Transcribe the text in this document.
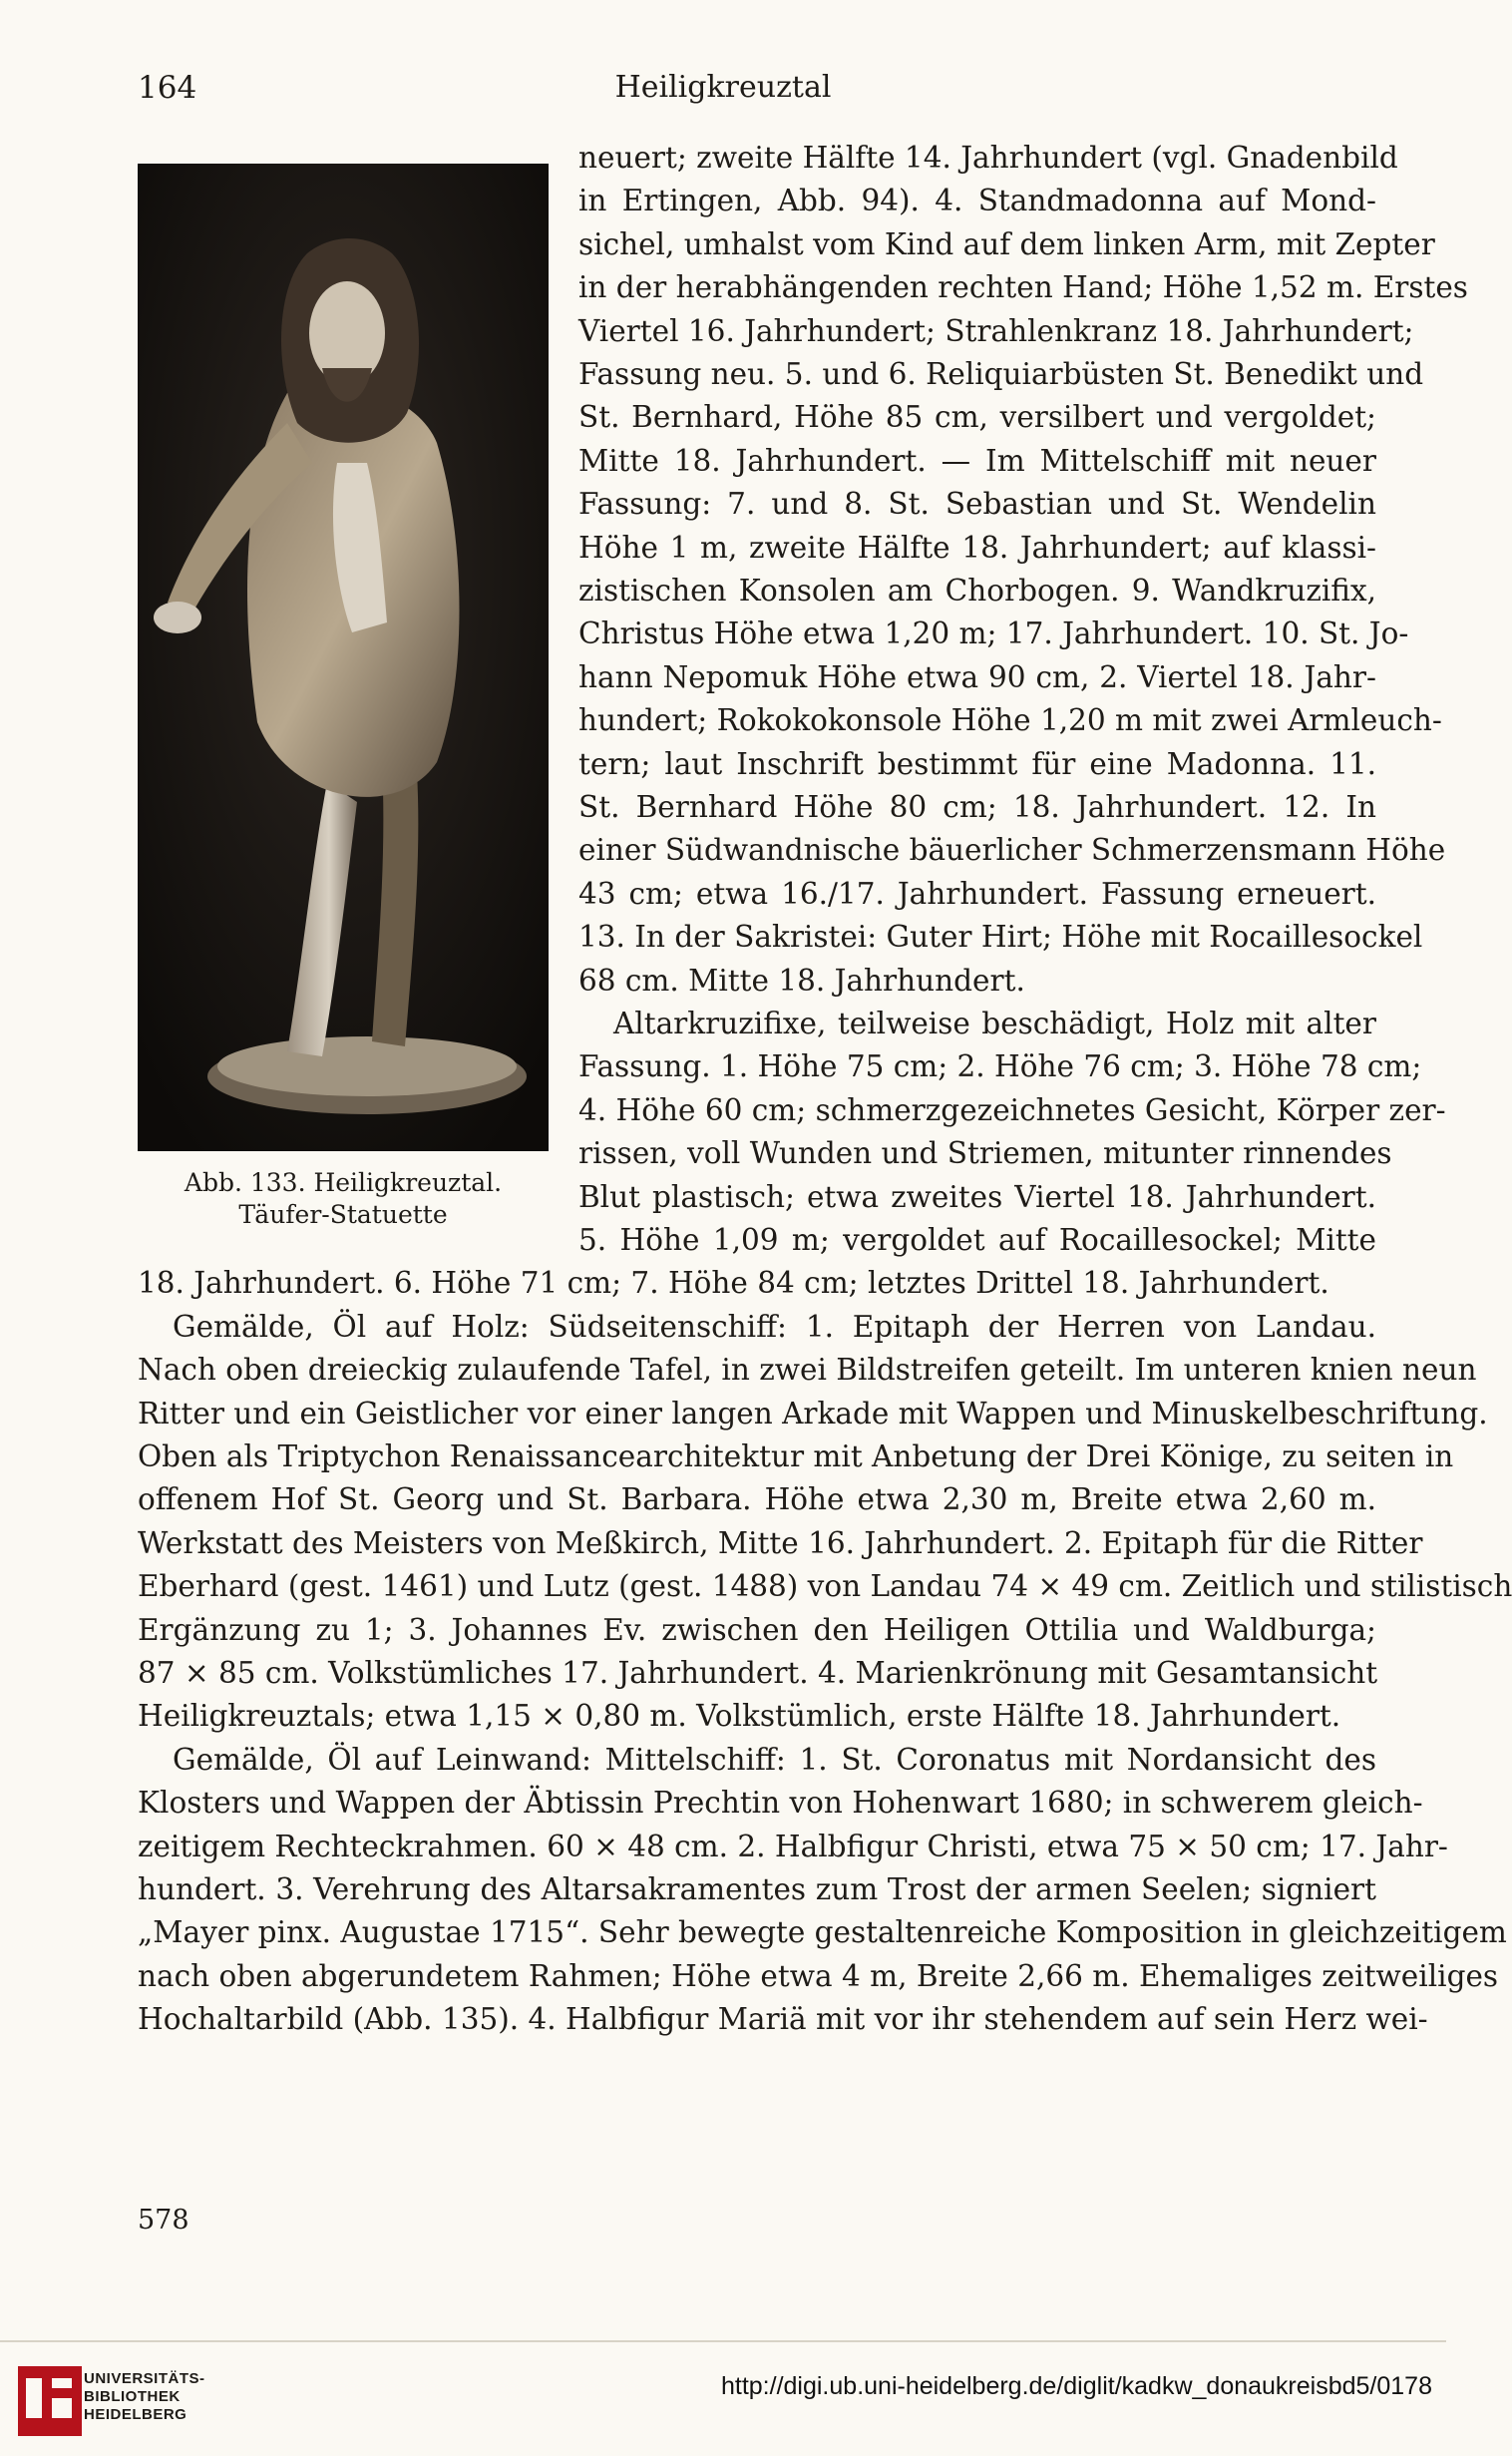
164	Heiligkreuztal
Abb. 133. Heiligkreuztal.
Täufer-Statuette
neuert; zweite Hälfte 14. Jahrhundert (vgl. Gnadenbild
in Ertingen, Abb. 94). 4. Standmadonna auf Mond-
sichel, umhalst vom Kind auf dem linken Arm, mit Zepter
in der herabhängenden rechten Hand; Höhe 1,52 m. Erstes
Viertel 16. Jahrhundert; Strahlenkranz 18. Jahrhundert;
Fassung neu. 5. und 6. Reliquiarbüsten St. Benedikt und
St. Bernhard, Höhe 85 cm, versilbert und vergoldet;
Mitte 18. Jahrhundert. — Im Mittelschiff mit neuer
Fassung: 7. und 8. St. Sebastian und St. Wendelin
Höhe 1 m, zweite Hälfte 18. Jahrhundert; auf klassi-
zistischen Konsolen am Chorbogen. 9. Wandkruzifix,
Christus Höhe etwa 1,20 m; 17. Jahrhundert. 10. St. Jo-
hann Nepomuk Höhe etwa 90 cm, 2. Viertel 18. Jahr-
hundert; Rokokokonsole Höhe 1,20 m mit zwei Armleuch-
tern; laut Inschrift bestimmt für eine Madonna. 11.
St. Bernhard Höhe 80 cm; 18. Jahrhundert. 12. In
einer Südwandnische bäuerlicher Schmerzensmann Höhe
43 cm; etwa 16./17. Jahrhundert. Fassung erneuert.
13. In der Sakristei: Guter Hirt; Höhe mit Rocaillesockel
68 cm. Mitte 18. Jahrhundert.
Altarkruzifixe, teilweise beschädigt, Holz mit alter
Fassung. 1. Höhe 75 cm; 2. Höhe 76 cm; 3. Höhe 78 cm;
4. Höhe 60 cm; schmerzgezeichnetes Gesicht, Körper zer-
rissen, voll Wunden und Striemen, mitunter rinnendes
Blut plastisch; etwa zweites Viertel 18. Jahrhundert.
5. Höhe 1,09 m; vergoldet auf Rocaillesockel; Mitte
18. Jahrhundert. 6. Höhe 71 cm; 7. Höhe 84 cm; letztes Drittel 18. Jahrhundert.
Gemälde, Öl auf Holz: Südseitenschiff: 1. Epitaph der Herren von Landau.
Nach oben dreieckig zulaufende Tafel, in zwei Bildstreifen geteilt. Im unteren knien neun
Ritter und ein Geistlicher vor einer langen Arkade mit Wappen und Minuskelbeschriftung.
Oben als Triptychon Renaissancearchitektur mit Anbetung der Drei Könige, zu seiten in
offenem Hof St. Georg und St. Barbara. Höhe etwa 2,30 m, Breite etwa 2,60 m.
Werkstatt des Meisters von Meßkirch, Mitte 16. Jahrhundert. 2. Epitaph für die Ritter
Eberhard (gest. 1461) und Lutz (gest. 1488) von Landau 74 × 49 cm. Zeitlich und stilistisch
Ergänzung zu 1; 3. Johannes Ev. zwischen den Heiligen Ottilia und Waldburga;
87 × 85 cm. Volkstümliches 17. Jahrhundert. 4. Marienkrönung mit Gesamtansicht
Heiligkreuztals; etwa 1,15 × 0,80 m. Volkstümlich, erste Hälfte 18. Jahrhundert.
Gemälde, Öl auf Leinwand: Mittelschiff: 1. St. Coronatus mit Nordansicht des
Klosters und Wappen der Äbtissin Prechtin von Hohenwart 1680; in schwerem gleich-
zeitigem Rechteckrahmen. 60 × 48 cm. 2. Halbfigur Christi, etwa 75 × 50 cm; 17. Jahr-
hundert. 3. Verehrung des Altarsakramentes zum Trost der armen Seelen; signiert
„Mayer pinx. Augustae 1715“. Sehr bewegte gestaltenreiche Komposition in gleichzeitigem
nach oben abgerundetem Rahmen; Höhe etwa 4 m, Breite 2,66 m. Ehemaliges zeitweiliges
Hochaltarbild (Abb. 135). 4. Halbfigur Mariä mit vor ihr stehendem auf sein Herz wei-
578
UNIVERSITÄTS-
BIBLIOTHEK
HEIDELBERG
http://digi.ub.uni-heidelberg.de/diglit/kadkw_donaukreisbd5/0178
